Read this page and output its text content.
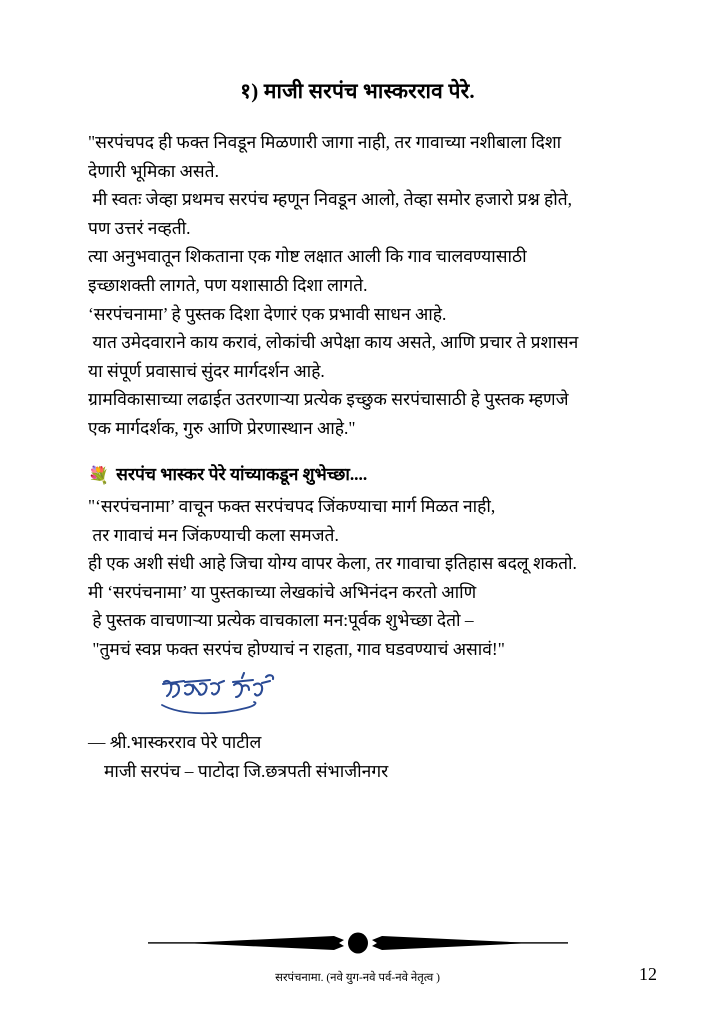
१) माजी सरपंच भास्करराव पेरे.
"सरपंचपद ही फक्त निवडून मिळणारी जागा नाही, तर गावाच्या नशीबाला दिशा
देणारी भूमिका असते.
मी स्वतः जेव्हा प्रथमच सरपंच म्हणून निवडून आलो, तेव्हा समोर हजारो प्रश्न होते,
पण उत्तरं नव्हती.
त्या अनुभवातून शिकताना एक गोष्ट लक्षात आली कि गाव चालवण्यासाठी
इच्छाशक्ती लागते, पण यशासाठी दिशा लागते.
‘सरपंचनामा’ हे पुस्तक दिशा देणारं एक प्रभावी साधन आहे.
यात उमेदवाराने काय करावं, लोकांची अपेक्षा काय असते, आणि प्रचार ते प्रशासन
या संपूर्ण प्रवासाचं सुंदर मार्गदर्शन आहे.
ग्रामविकासाच्या लढाईत उतरणाऱ्या प्रत्येक इच्छुक सरपंचासाठी हे पुस्तक म्हणजे
एक मार्गदर्शक, गुरु आणि प्रेरणास्थान आहे."
💐 सरपंच भास्कर पेरे यांच्याकडून शुभेच्छा....
"‘सरपंचनामा’ वाचून फक्त सरपंचपद जिंकण्याचा मार्ग मिळत नाही,
तर गावाचं मन जिंकण्याची कला समजते.
ही एक अशी संधी आहे जिचा योग्य वापर केला, तर गावाचा इतिहास बदलू शकतो.
मी ‘सरपंचनामा’ या पुस्तकाच्या लेखकांचे अभिनंदन करतो आणि
हे पुस्तक वाचणाऱ्या प्रत्येक वाचकाला मन:पूर्वक शुभेच्छा देतो –
"तुमचं स्वप्न फक्त सरपंच होण्याचं न राहता, गाव घडवण्याचं असावं!"
— श्री.भास्करराव पेरे पाटील
माजी सरपंच – पाटोदा जि.छत्रपती संभाजीनगर
सरपंचनामा. (नवे युग-नवे पर्व-नवे नेतृत्व )	12
